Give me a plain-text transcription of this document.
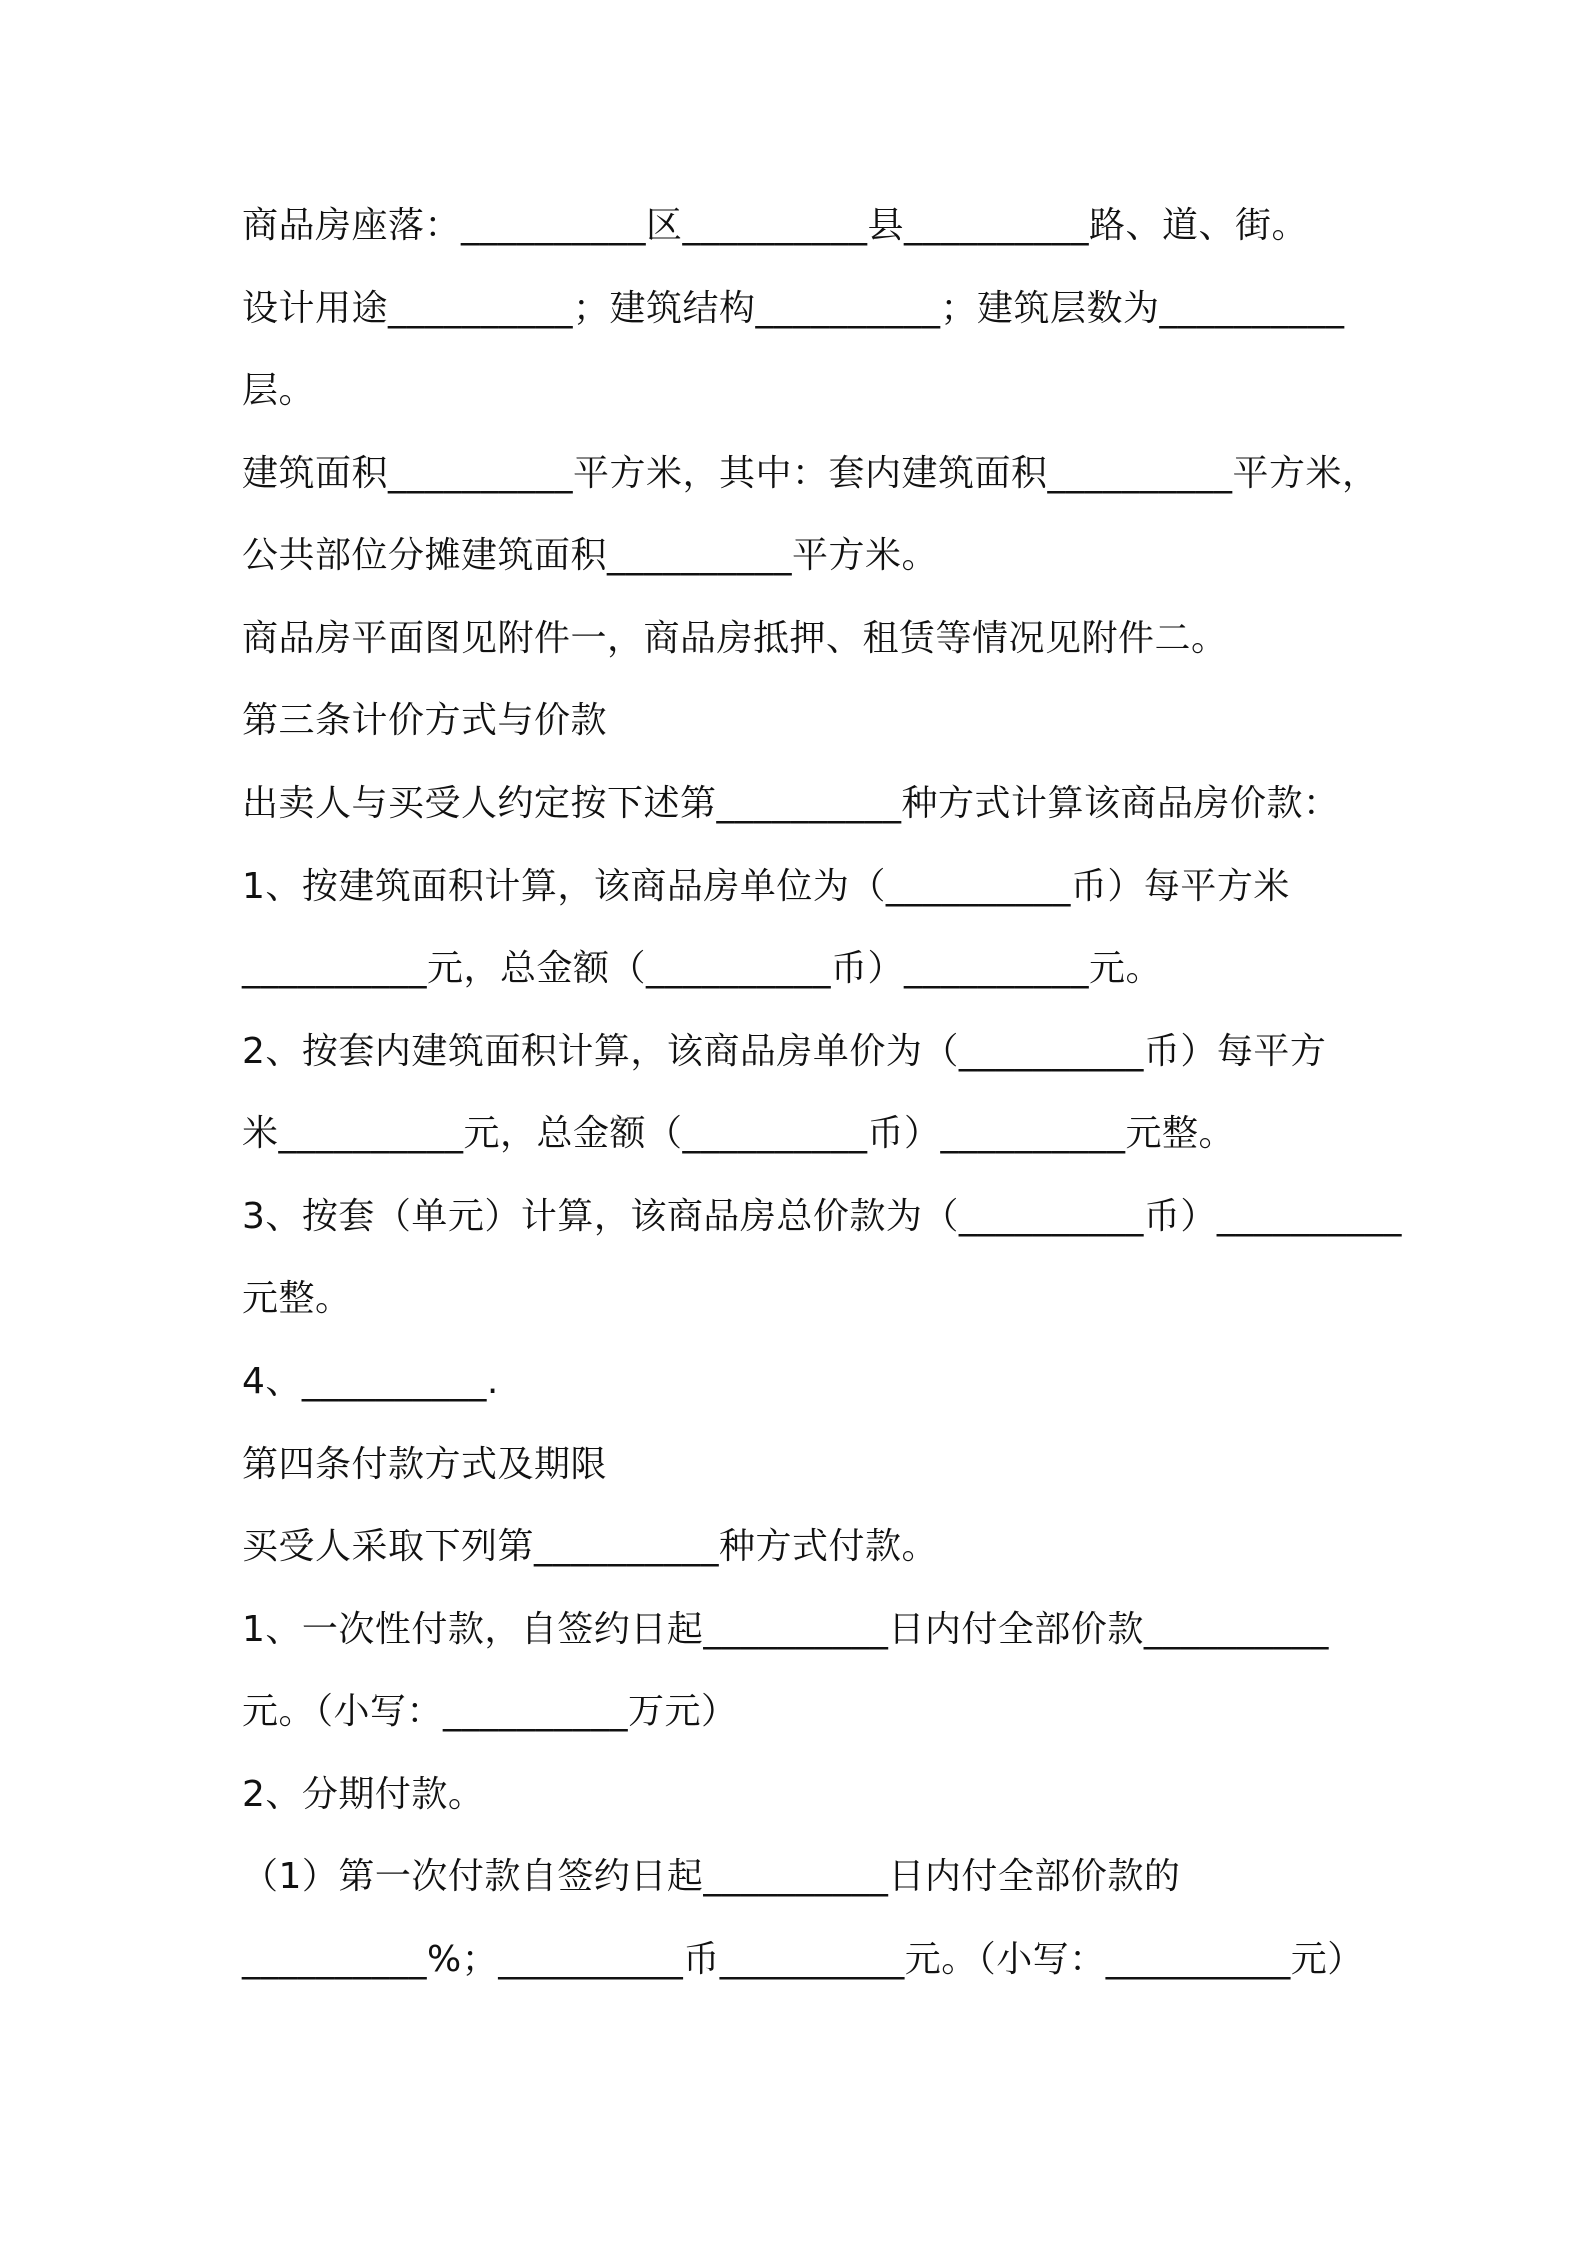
商品房座落：__________区__________县__________路、道、街。
设计用途__________；建筑结构__________；建筑层数为__________
层。
建筑面积__________平方米，其中：套内建筑面积__________平方米，
公共部位分摊建筑面积__________平方米。
商品房平面图见附件一，商品房抵押、租赁等情况见附件二。
第三条计价方式与价款
出卖人与买受人约定按下述第__________种方式计算该商品房价款：
1、按建筑面积计算，该商品房单位为（__________币）每平方米
__________元，总金额（__________币）__________元。
2、按套内建筑面积计算，该商品房单价为（__________币）每平方
米__________元，总金额（__________币）__________元整。
3、按套（单元）计算，该商品房总价款为（__________币）__________
元整。
4、__________.
第四条付款方式及期限
买受人采取下列第__________种方式付款。
1、一次性付款，自签约日起__________日内付全部价款__________
元。（小写：__________万元）
2、分期付款。
（1）第一次付款自签约日起__________日内付全部价款的
__________%；__________币__________元。（小写：__________元）
